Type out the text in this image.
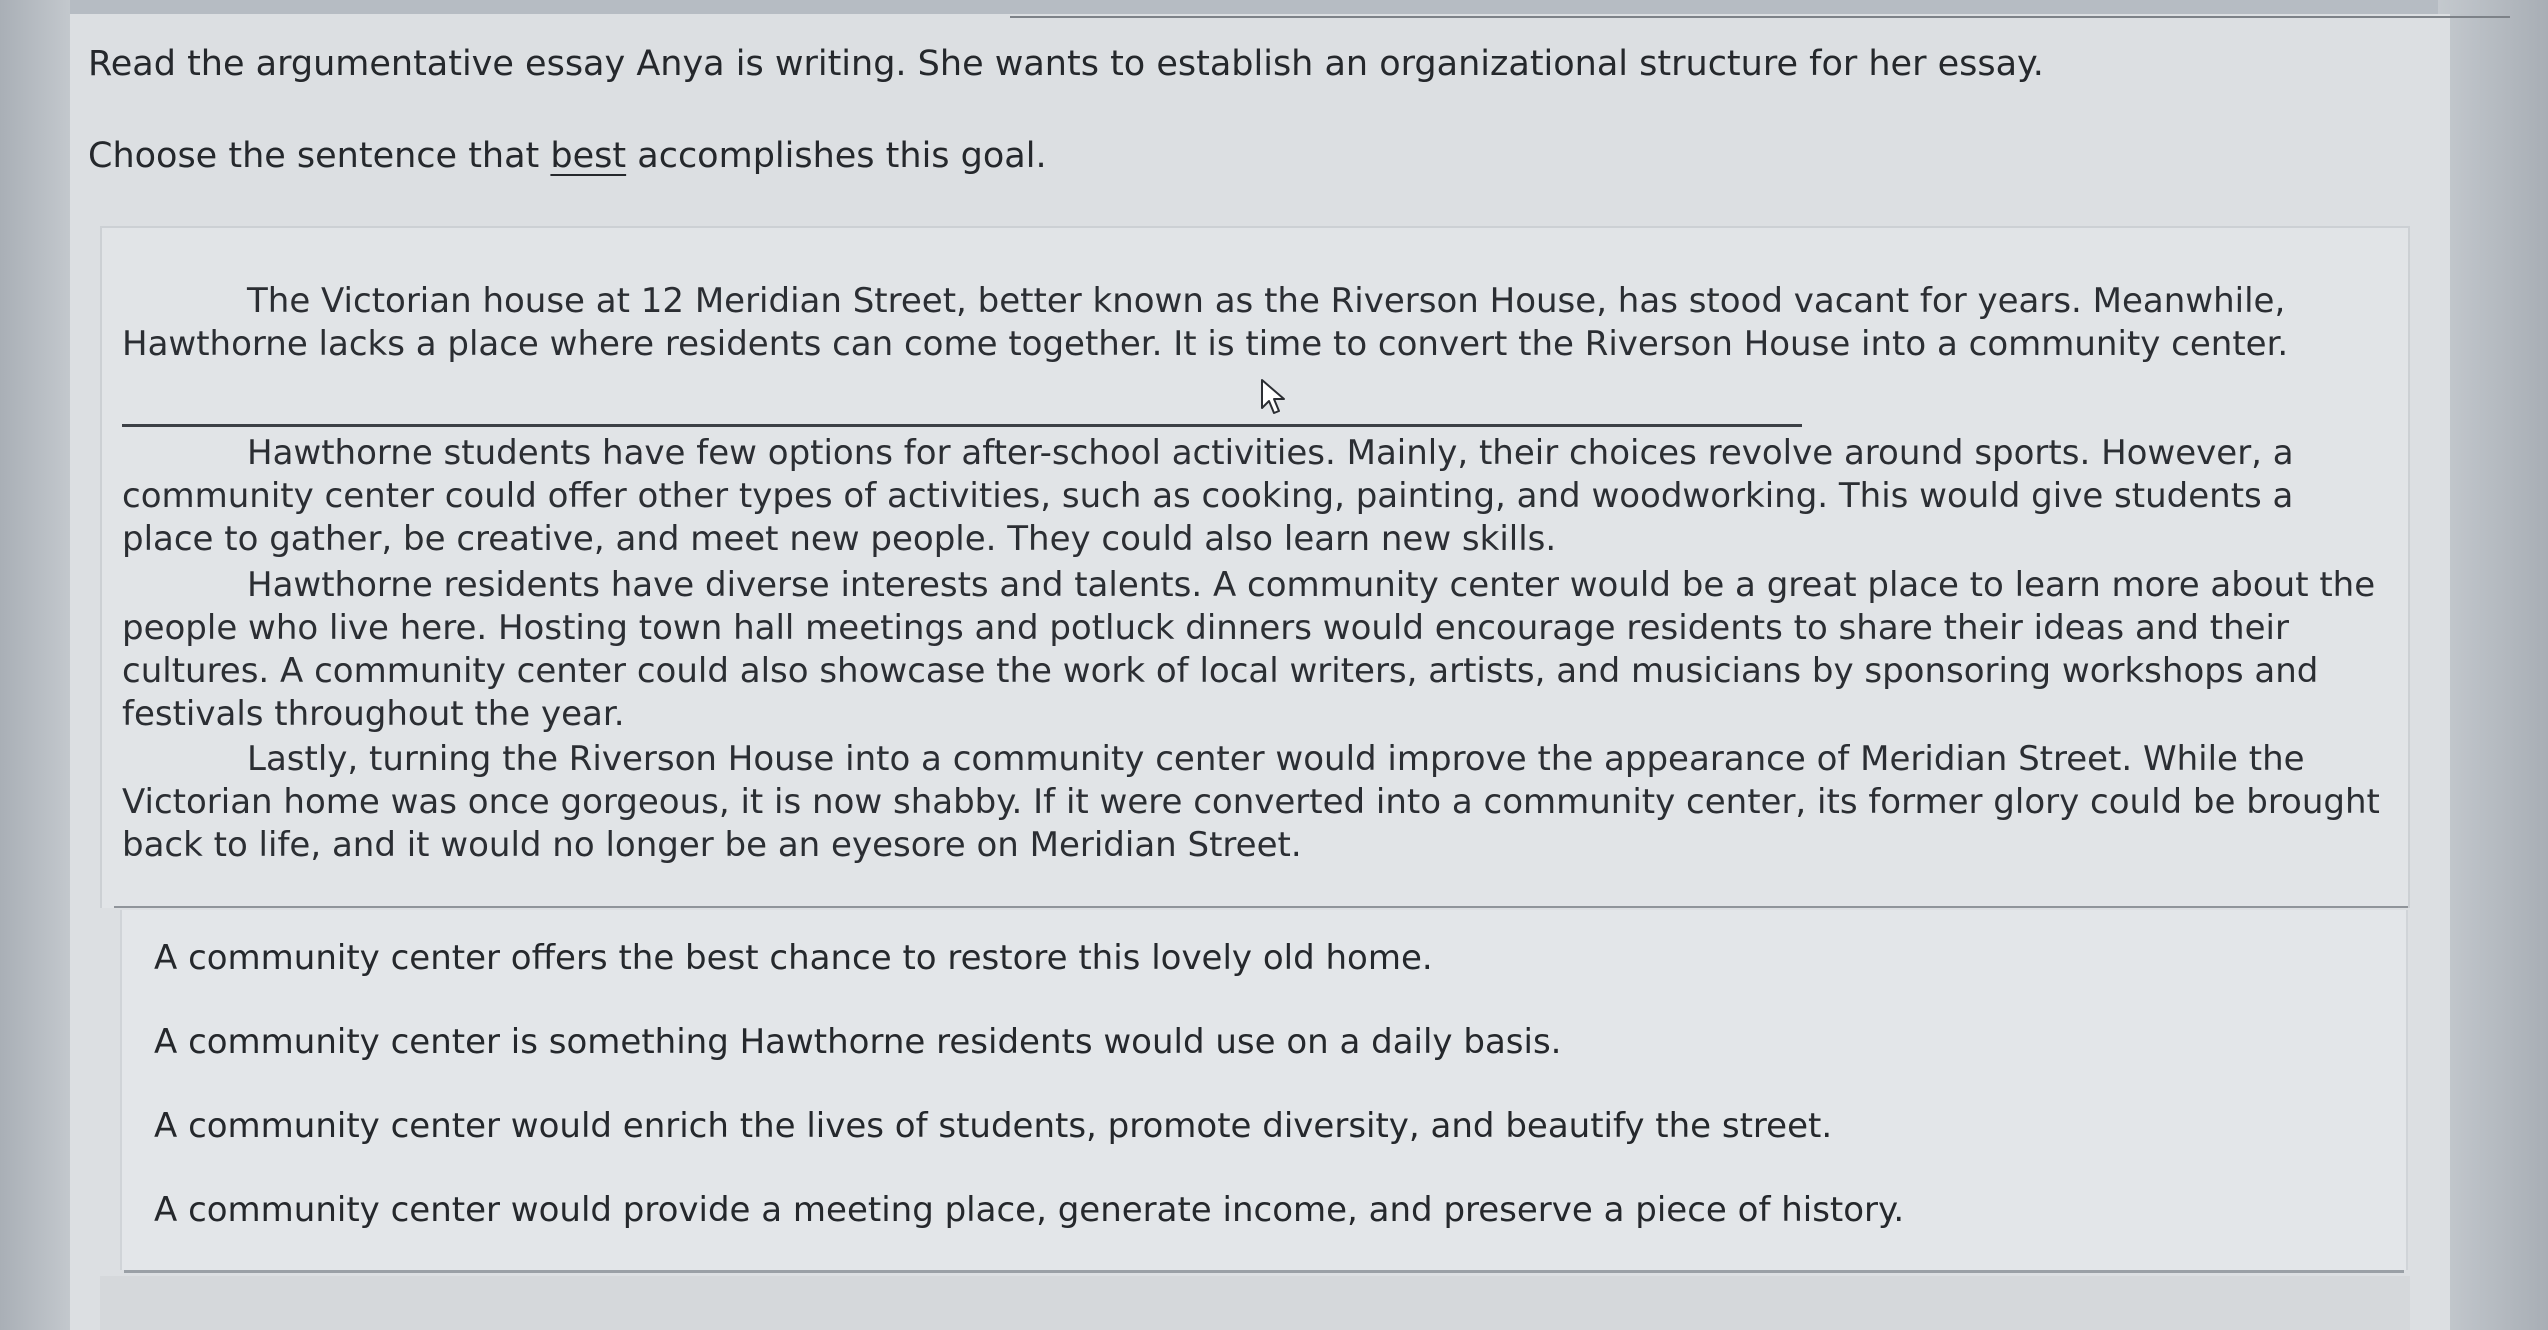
Read the argumentative essay Anya is writing. She wants to establish an organizational structure for her essay.
Choose the sentence that best accomplishes this goal.

The Victorian house at 12 Meridian Street, better known as the Riverson House, has stood vacant for years. Meanwhile, Hawthorne lacks a place where residents can come together. It is time to convert the Riverson House into a community center.

Hawthorne students have few options for after-school activities. Mainly, their choices revolve around sports. However, a community center could offer other types of activities, such as cooking, painting, and woodworking. This would give students a place to gather, be creative, and meet new people. They could also learn new skills.

Hawthorne residents have diverse interests and talents. A community center would be a great place to learn more about the people who live here. Hosting town hall meetings and potluck dinners would encourage residents to share their ideas and their cultures. A community center could also showcase the work of local writers, artists, and musicians by sponsoring workshops and festivals throughout the year.

Lastly, turning the Riverson House into a community center would improve the appearance of Meridian Street. While the Victorian home was once gorgeous, it is now shabby. If it were converted into a community center, its former glory could be brought back to life, and it would no longer be an eyesore on Meridian Street.

A community center offers the best chance to restore this lovely old home.
A community center is something Hawthorne residents would use on a daily basis.
A community center would enrich the lives of students, promote diversity, and beautify the street.
A community center would provide a meeting place, generate income, and preserve a piece of history.
